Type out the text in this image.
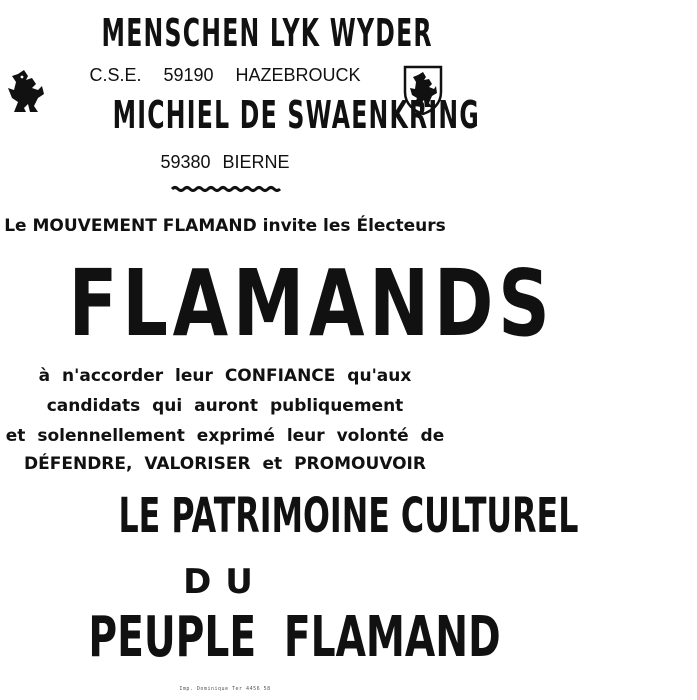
MENSCHEN LYK WYDER
C.S.E. 59190 HAZEBROUCK
MICHIEL DE SWAENKRING
59380 BIERNE
Le MOUVEMENT FLAMAND invite les Électeurs
FLAMANDS
à n'accorder leur CONFIANCE qu'aux
candidats qui auront publiquement
et solennellement exprimé leur volonté de
DÉFENDRE, VALORISER et PROMOUVOIR
LE PATRIMOINE CULTUREL
DU
PEUPLE FLAMAND
Imp. Dominique Ter 4456 58
